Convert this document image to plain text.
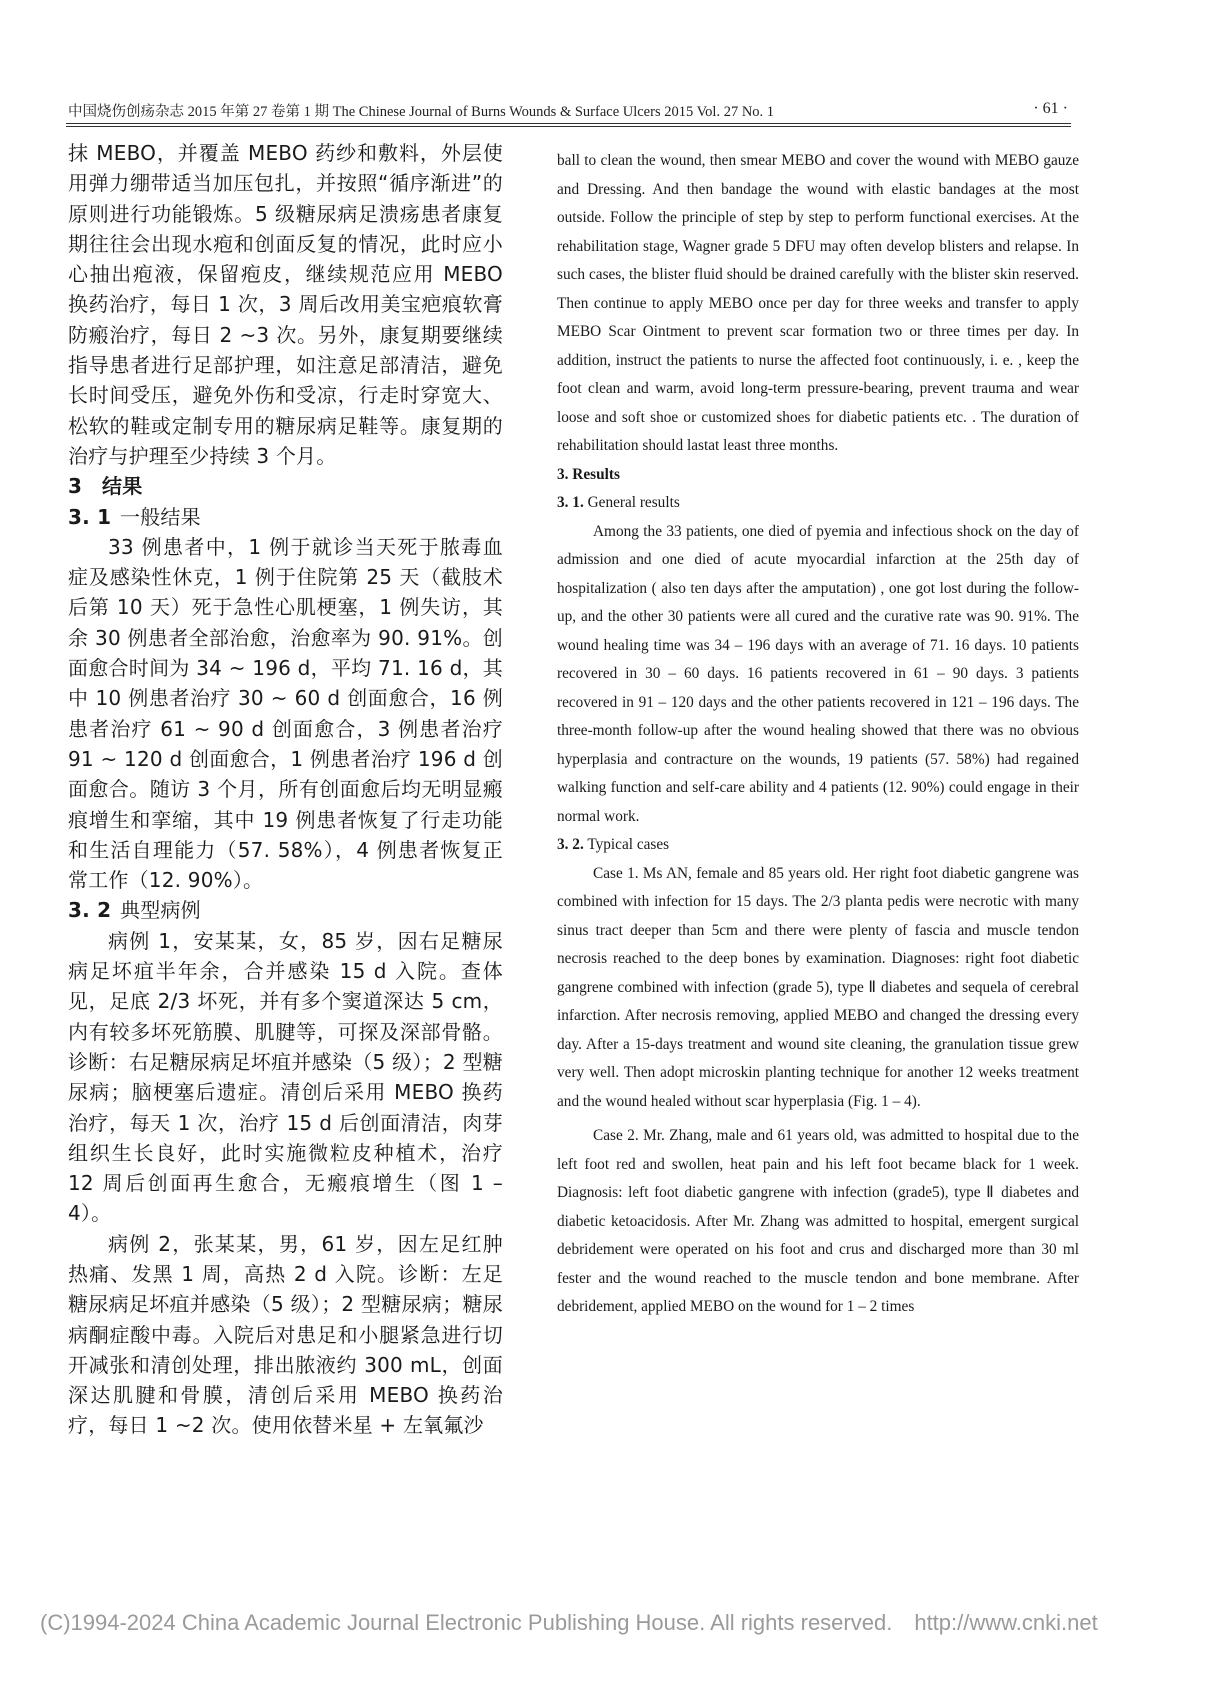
中国烧伤创疡杂志 2015 年第 27 卷第 1 期 The Chinese Journal of Burns Wounds & Surface Ulcers 2015 Vol. 27 No. 1	· 61 ·

抹 MEBO，并覆盖 MEBO 药纱和敷料，外层使用弹力绷带适当加压包扎，并按照“循序渐进”的原则进行功能锻炼。5 级糖尿病足溃疡患者康复期往往会出现水疱和创面反复的情况，此时应小心抽出疱液，保留疱皮，继续规范应用 MEBO 换药治疗，每日 1 次，3 周后改用美宝疤痕软膏防瘢治疗，每日 2 ~3 次。另外，康复期要继续指导患者进行足部护理，如注意足部清洁，避免长时间受压，避免外伤和受凉，行走时穿宽大、松软的鞋或定制专用的糖尿病足鞋等。康复期的治疗与护理至少持续 3 个月。

3 结果

3. 1 一般结果

33 例患者中，1 例于就诊当天死于脓毒血症及感染性休克，1 例于住院第 25 天（截肢术后第 10 天）死于急性心肌梗塞，1 例失访，其余 30 例患者全部治愈，治愈率为 90. 91%。创面愈合时间为 34 ~ 196 d，平均 71. 16 d，其中 10 例患者治疗 30 ~ 60 d 创面愈合，16 例患者治疗 61 ~ 90 d 创面愈合，3 例患者治疗 91 ~ 120 d 创面愈合，1 例患者治疗 196 d 创面愈合。随访 3 个月，所有创面愈后均无明显瘢痕增生和挛缩，其中 19 例患者恢复了行走功能和生活自理能力（57. 58%），4 例患者恢复正常工作（12. 90%）。

3. 2 典型病例

病例 1，安某某，女，85 岁，因右足糖尿病足坏疽半年余，合并感染 15 d 入院。查体见，足底 2/3 坏死，并有多个窦道深达 5 cm，内有较多坏死筋膜、肌腱等，可探及深部骨骼。诊断：右足糖尿病足坏疽并感染（5 级）；2 型糖尿病；脑梗塞后遗症。清创后采用 MEBO 换药治疗，每天 1 次，治疗 15 d 后创面清洁，肉芽组织生长良好，此时实施微粒皮种植术，治疗 12 周后创面再生愈合，无瘢痕增生（图 1 – 4）。

病例 2，张某某，男，61 岁，因左足红肿热痛、发黑 1 周，高热 2 d 入院。诊断：左足糖尿病足坏疽并感染（5 级）；2 型糖尿病；糖尿病酮症酸中毒。入院后对患足和小腿紧急进行切开减张和清创处理，排出脓液约 300 mL，创面深达肌腱和骨膜，清创后采用 MEBO 换药治疗，每日 1 ~2 次。使用依替米星 + 左氧氟沙

ball to clean the wound, then smear MEBO and cover the wound with MEBO gauze and Dressing. And then bandage the wound with elastic bandages at the most outside. Follow the principle of step by step to perform functional exercises. At the rehabilitation stage, Wagner grade 5 DFU may often develop blisters and relapse. In such cases, the blister fluid should be drained carefully with the blister skin reserved. Then continue to apply MEBO once per day for three weeks and transfer to apply MEBO Scar Ointment to prevent scar formation two or three times per day. In addition, instruct the patients to nurse the affected foot continuously, i. e. , keep the foot clean and warm, avoid long-term pressure-bearing, prevent trauma and wear loose and soft shoe or customized shoes for diabetic patients etc. . The duration of rehabilitation should lastat least three months.

3. Results

3. 1. General results

Among the 33 patients, one died of pyemia and infectious shock on the day of admission and one died of acute myocardial infarction at the 25th day of hospitalization ( also ten days after the amputation) , one got lost during the follow-up, and the other 30 patients were all cured and the curative rate was 90. 91%. The wound healing time was 34 – 196 days with an average of 71. 16 days. 10 patients recovered in 30 – 60 days. 16 patients recovered in 61 – 90 days. 3 patients recovered in 91 – 120 days and the other patients recovered in 121 – 196 days. The three-month follow-up after the wound healing showed that there was no obvious hyperplasia and contracture on the wounds, 19 patients (57. 58%) had regained walking function and self-care ability and 4 patients (12. 90%) could engage in their normal work.

3. 2. Typical cases

Case 1. Ms AN, female and 85 years old. Her right foot diabetic gangrene was combined with infection for 15 days. The 2/3 planta pedis were necrotic with many sinus tract deeper than 5cm and there were plenty of fascia and muscle tendon necrosis reached to the deep bones by examination. Diagnoses: right foot diabetic gangrene combined with infection (grade 5), type Ⅱ diabetes and sequela of cerebral infarction. After necrosis removing, applied MEBO and changed the dressing every day. After a 15-days treatment and wound site cleaning, the granulation tissue grew very well. Then adopt microskin planting technique for another 12 weeks treatment and the wound healed without scar hyperplasia (Fig. 1 – 4).

Case 2. Mr. Zhang, male and 61 years old, was admitted to hospital due to the left foot red and swollen, heat pain and his left foot became black for 1 week. Diagnosis: left foot diabetic gangrene with infection (grade5), type Ⅱ diabetes and diabetic ketoacidosis. After Mr. Zhang was admitted to hospital, emergent surgical debridement were operated on his foot and crus and discharged more than 30 ml fester and the wound reached to the muscle tendon and bone membrane. After debridement, applied MEBO on the wound for 1 – 2 times

(C)1994-2024 China Academic Journal Electronic Publishing House. All rights reserved. http://www.cnki.net
